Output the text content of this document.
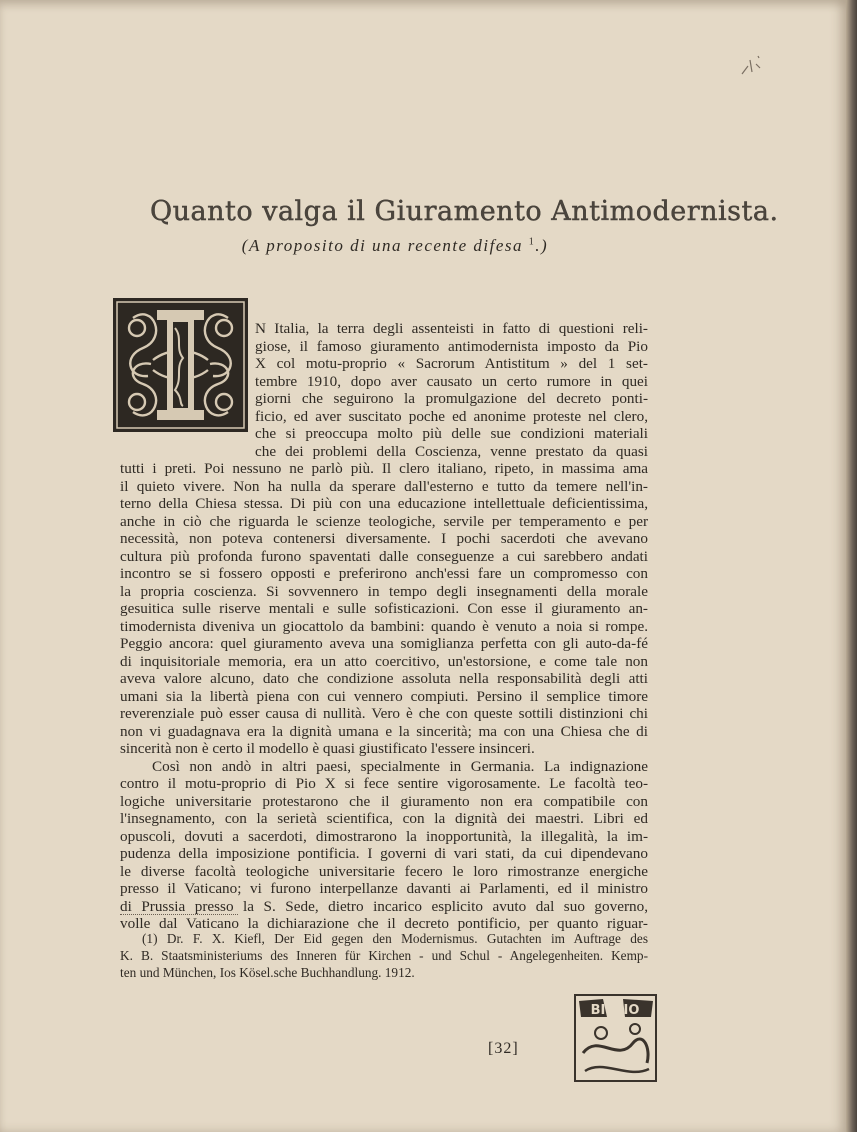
Quanto valga il Giuramento Antimodernista.
(A proposito di una recente difesa $^1$.)
N Italia, la terra degli assenteisti in fatto di questioni reli-
giose, il famoso giuramento antimodernista imposto da Pio
X col motu-proprio « Sacrorum Antistitum » del 1 set-
tembre 1910, dopo aver causato un certo rumore in quei
giorni che seguirono la promulgazione del decreto ponti-
ficio, ed aver suscitato poche ed anonime proteste nel clero,
che si preoccupa molto più delle sue condizioni materiali
che dei problemi della Coscienza, venne prestato da quasi
tutti i preti. Poi nessuno ne parlò più. Il clero italiano, ripeto, in massima ama
il quieto vivere. Non ha nulla da sperare dall'esterno e tutto da temere nell'in-
terno della Chiesa stessa. Di più con una educazione intellettuale deficientissima,
anche in ciò che riguarda le scienze teologiche, servile per temperamento e per
necessità, non poteva contenersi diversamente. I pochi sacerdoti che avevano
cultura più profonda furono spaventati dalle conseguenze a cui sarebbero andati
incontro se si fossero opposti e preferirono anch'essi fare un compromesso con
la propria coscienza. Si sovvennero in tempo degli insegnamenti della morale
gesuitica sulle riserve mentali e sulle sofisticazioni. Con esse il giuramento an-
timodernista diveniva un giocattolo da bambini: quando è venuto a noia si rompe.
Peggio ancora: quel giuramento aveva una somiglianza perfetta con gli auto-da-fé
di inquisitoriale memoria, era un atto coercitivo, un'estorsione, e come tale non
aveva valore alcuno, dato che condizione assoluta nella responsabilità degli atti
umani sia la libertà piena con cui vennero compiuti. Persino il semplice timore
reverenziale può esser causa di nullità. Vero è che con queste sottili distinzioni chi
non vi guadagnava era la dignità umana e la sincerità; ma con una Chiesa che di
sincerità non è certo il modello è quasi giustificato l'essere insinceri.
Così non andò in altri paesi, specialmente in Germania. La indignazione
contro il motu-proprio di Pio X si fece sentire vigorosamente. Le facoltà teo-
logiche universitarie protestarono che il giuramento non era compatibile con
l'insegnamento, con la serietà scientifica, con la dignità dei maestri. Libri ed
opuscoli, dovuti a sacerdoti, dimostrarono la inopportunità, la illegalità, la im-
pudenza della imposizione pontificia. I governi di vari stati, da cui dipendevano
le diverse facoltà teologiche universitarie fecero le loro rimostranze energiche
presso il Vaticano; vi furono interpellanze davanti ai Parlamenti, ed il ministro
di Prussia presso la S. Sede, dietro incarico esplicito avuto dal suo governo,
volle dal Vaticano la dichiarazione che il decreto pontificio, per quanto riguar-
(1) Dr. F. X. Kiefl, Der Eid gegen den Modernismus. Gutachten im Auftrage des
K. B. Staatsministeriums des Inneren für Kirchen - und Schul - Angelegenheiten. Kemp-
ten und München, Ios Kösel.sche Buchhandlung. 1912.
[32]
BIBLIO
